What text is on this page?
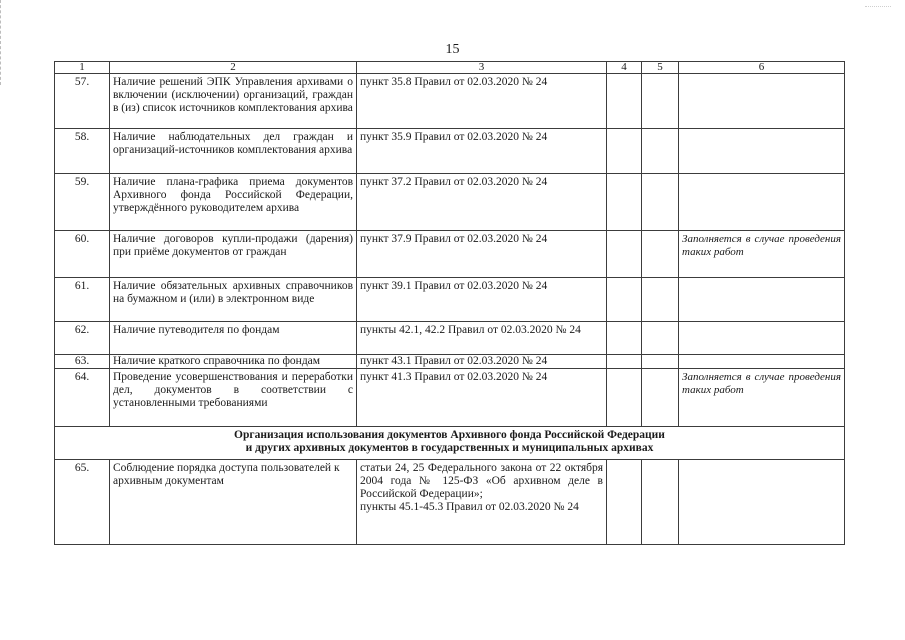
15
1	2	3	4	5	6
57.	Наличие решений ЭПК Управления архивами о включении (исключении) организаций, граждан в (из) список источников комплектования архива	пункт 35.8 Правил от 02.03.2020 № 24			
58.	Наличие наблюдательных дел граждан и организаций-источников комплектования архива	пункт 35.9 Правил от 02.03.2020 № 24			
59.	Наличие плана-графика приема документов Архивного фонда Российской Федерации, утверждённого руководителем архива	пункт 37.2 Правил от 02.03.2020 № 24			
60.	Наличие договоров купли-продажи (дарения) при приёме документов от граждан	пункт 37.9 Правил от 02.03.2020 № 24			Заполняется в случае проведения таких работ
61.	Наличие обязательных архивных справочников на бумажном и (или) в электронном виде	пункт 39.1 Правил от 02.03.2020 № 24			
62.	Наличие путеводителя по фондам	пункты 42.1, 42.2 Правил от 02.03.2020 № 24			
63.	Наличие краткого справочника по фондам	пункт 43.1 Правил от 02.03.2020 № 24			
64.	Проведение усовершенствования и переработки дел, документов в соответствии с установленными требованиями	пункт 41.3 Правил от 02.03.2020 № 24			Заполняется в случае проведения таких работ

Организация использования документов Архивного фонда Российской Федерации
и других архивных документов в государственных и муниципальных архивах					

65.	Соблюдение порядка доступа пользователей к архивным документам	статьи 24, 25 Федерального закона от 22 октября 2004 года № 125-ФЗ «Об архивном деле в Российской Федерации»;
пункты 45.1-45.3 Правил от 02.03.2020 № 24			
